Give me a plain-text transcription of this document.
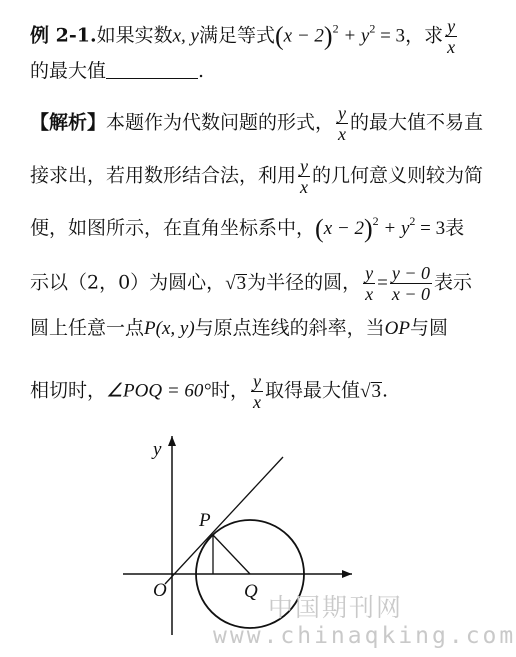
例 2-1.如果实数x, y满足等式$(x - 2)^2 + y^2 = 3$，求 $\frac{y}{x}$
的最大值	.
【解析】本题作为代数问题的形式， $\frac{y}{x}$ 的最大值不易直
接求出，若用数形结合法，利用 $\frac{y}{x}$ 的几何意义则较为简
便，如图所示，在直角坐标系中，$(x - 2)^2 + y^2 = 3$表
示以（2，0）为圆心，√3为半径的圆， $\frac{y}{x} = \frac{y - 0}{x - 0}$ 表示
圆上任意一点P(x, y)与原点连线的斜率，当OP与圆
相切时，∠POQ = 60°时， $\frac{y}{x}$ 取得最大值√3.
y
P
O	Q
中国期刊网
www.chinaqking.com
